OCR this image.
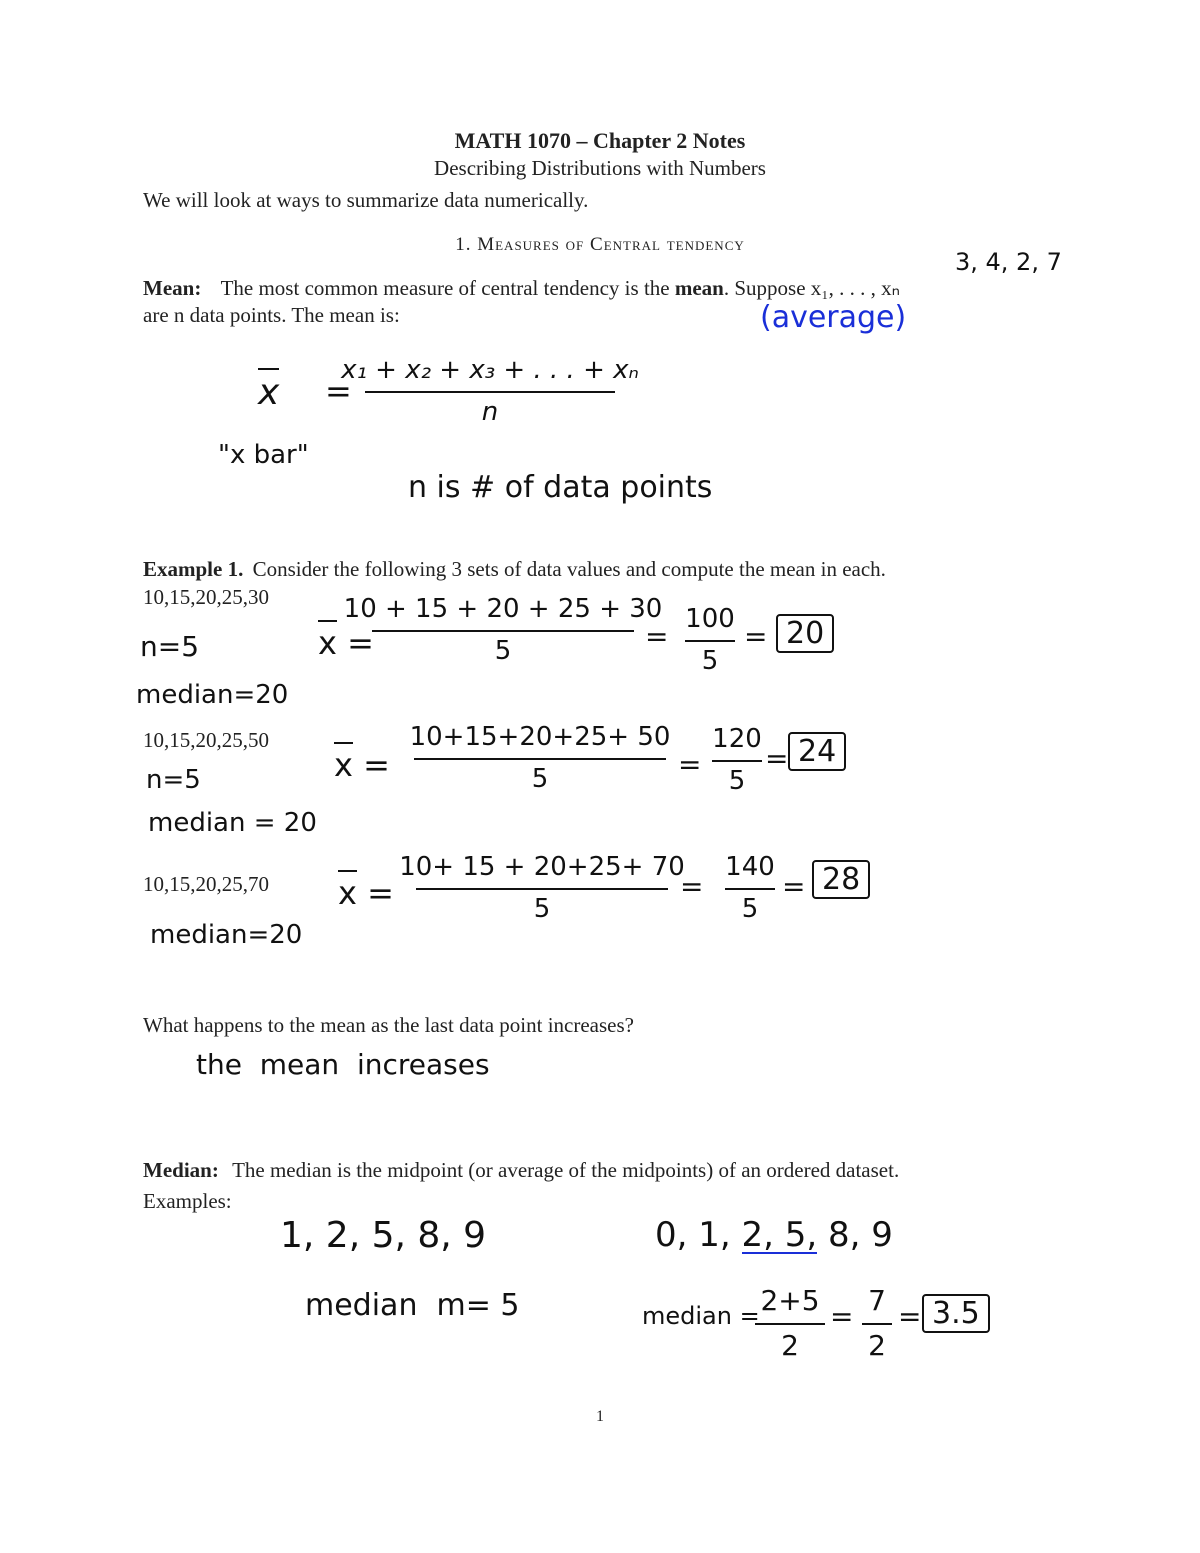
MATH 1070 – Chapter 2 Notes
Describing Distributions with Numbers
We will look at ways to summarize data numerically.
1. Measures of Central tendency
3, 4, 2, 7
Mean: The most common measure of central tendency is the mean. Suppose x₁, . . . , xₙ
are n data points. The mean is:	(average)
x =
x₁ + x₂ + x₃ + . . . + xₙ
n
"x bar"
n is # of data points
Example 1. Consider the following 3 sets of data values and compute the mean in each.
10,15,20,25,30
n=5
median=20
x =
10 + 15 + 20 + 25 + 30
5	=
100
5
= 20
10,15,20,25,50
n=5
median = 20
x =
10+15+20+25+ 50
5	=
120
5
= 24
10,15,20,25,70
median=20
x =
10+ 15 + 20+25+ 70
5
=
140
5
= 28
What happens to the mean as the last data point increases?
the  mean  increases
Median: The median is the midpoint (or average of the midpoints) of an ordered dataset.
Examples:
1, 2, 5, 8, 9
median  m= 5
0, 1, 2, 5, 8, 9
median = 2+5
2
= 7
2
= 3.5
1
